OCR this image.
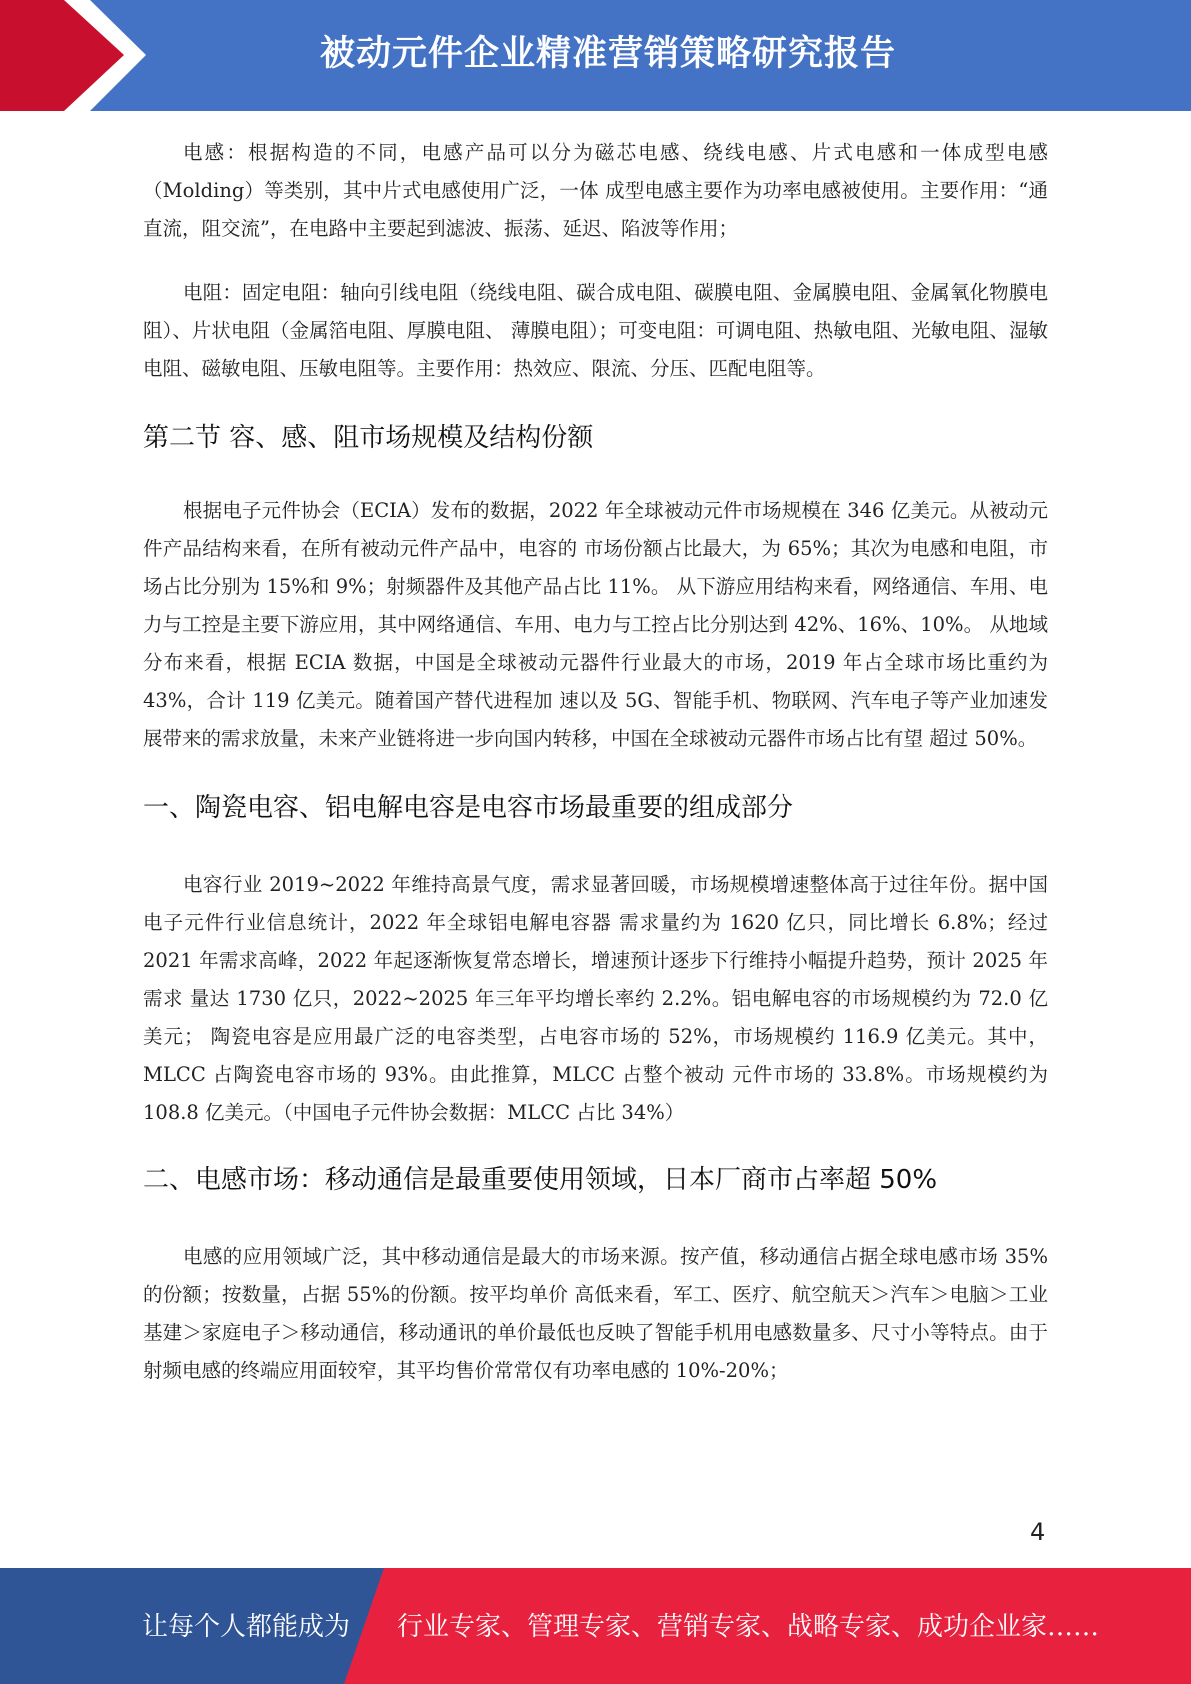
被动元件企业精准营销策略研究报告

电感：根据构造的不同，电感产品可以分为磁芯电感、绕线电感、片式电感和一体成型电感（Molding）等类别，其中片式电感使用广泛，一体 成型电感主要作为功率电感被使用。主要作用：“通直流，阻交流”，在电路中主要起到滤波、振荡、延迟、陷波等作用；

电阻：固定电阻：轴向引线电阻（绕线电阻、碳合成电阻、碳膜电阻、金属膜电阻、金属氧化物膜电阻）、片状电阻（金属箔电阻、厚膜电阻、 薄膜电阻）；可变电阻：可调电阻、热敏电阻、光敏电阻、湿敏电阻、磁敏电阻、压敏电阻等。主要作用：热效应、限流、分压、匹配电阻等。

第二节 容、感、阻市场规模及结构份额

根据电子元件协会（ECIA）发布的数据，2022 年全球被动元件市场规模在 346 亿美元。从被动元件产品结构来看，在所有被动元件产品中，电容的 市场份额占比最大，为 65%；其次为电感和电阻，市场占比分别为 15%和 9%；射频器件及其他产品占比 11%。 从下游应用结构来看，网络通信、车用、电力与工控是主要下游应用，其中网络通信、车用、电力与工控占比分别达到 42%、16%、10%。 从地域分布来看，根据 ECIA 数据，中国是全球被动元器件行业最大的市场，2019 年占全球市场比重约为 43%，合计 119 亿美元。随着国产替代进程加 速以及 5G、智能手机、物联网、汽车电子等产业加速发展带来的需求放量，未来产业链将进一步向国内转移，中国在全球被动元器件市场占比有望 超过 50%。

一、陶瓷电容、铝电解电容是电容市场最重要的组成部分

电容行业 2019~2022 年维持高景气度，需求显著回暖，市场规模增速整体高于过往年份。据中国电子元件行业信息统计，2022 年全球铝电解电容器 需求量约为 1620 亿只，同比增长 6.8%；经过 2021 年需求高峰，2022 年起逐渐恢复常态增长，增速预计逐步下行维持小幅提升趋势，预计 2025 年需求 量达 1730 亿只，2022~2025 年三年平均增长率约 2.2%。铝电解电容的市场规模约为 72.0 亿美元； 陶瓷电容是应用最广泛的电容类型，占电容市场的 52%，市场规模约 116.9 亿美元。其中，MLCC 占陶瓷电容市场的 93%。由此推算，MLCC 占整个被动 元件市场的 33.8%。市场规模约为 108.8 亿美元。（中国电子元件协会数据：MLCC 占比 34%）

二、电感市场：移动通信是最重要使用领域，日本厂商市占率超 50%

电感的应用领域广泛，其中移动通信是最大的市场来源。按产值，移动通信占据全球电感市场 35%的份额；按数量，占据 55%的份额。按平均单价 高低来看，军工、医疗、航空航天＞汽车＞电脑＞工业基建＞家庭电子＞移动通信，移动通讯的单价最低也反映了智能手机用电感数量多、尺寸小等特点。由于射频电感的终端应用面较窄，其平均售价常常仅有功率电感的 10%-20%；

4
让每个人都能成为 行业专家、管理专家、营销专家、战略专家、成功企业家……
